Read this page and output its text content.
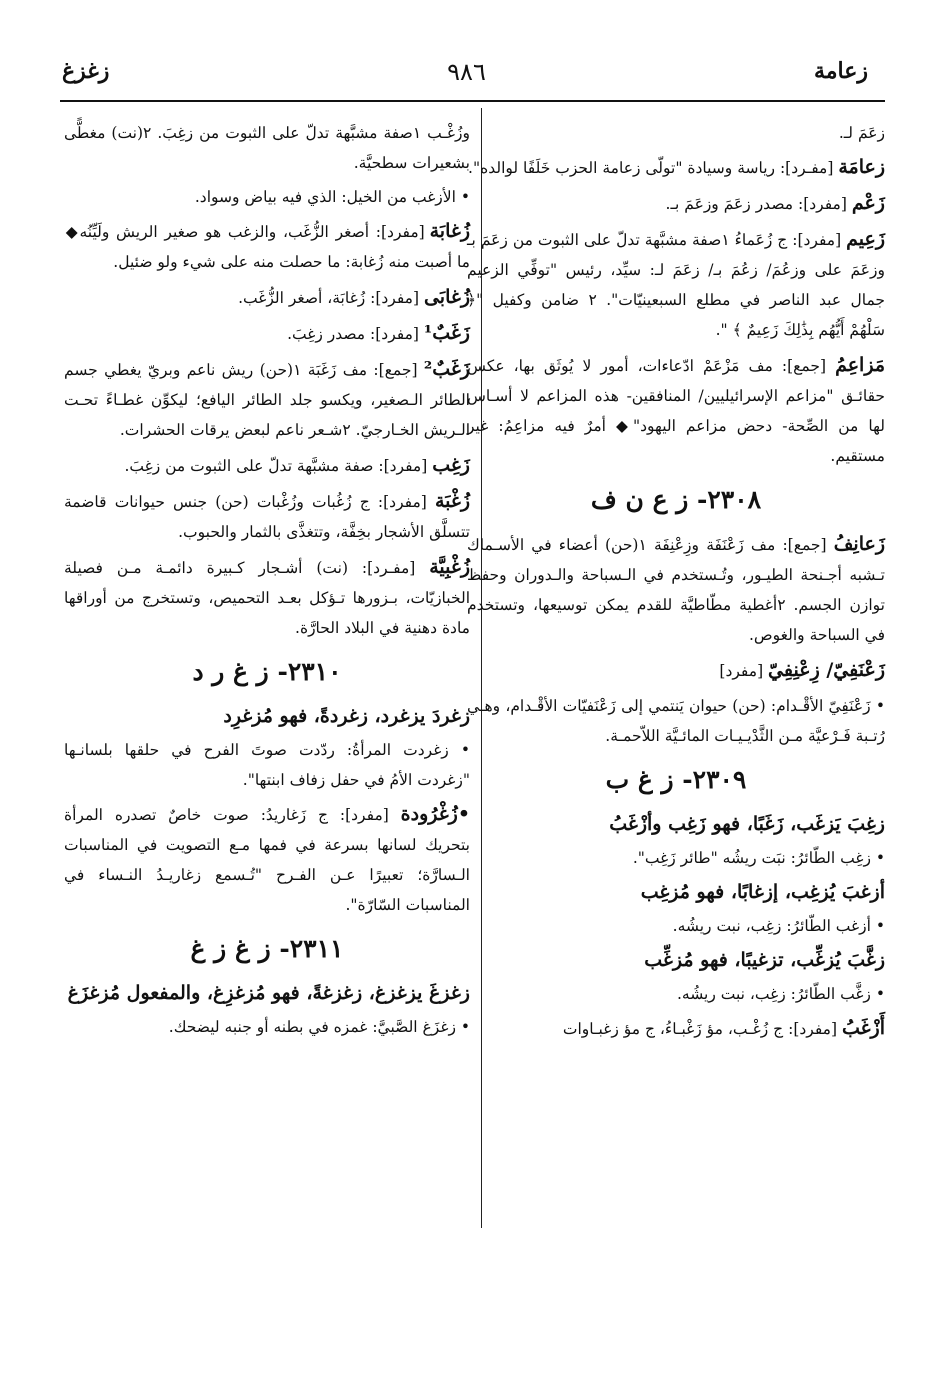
زعامة
٩٨٦
زغزغ
زعَمَ لـ.
زعامَة [مفـرد]: رياسة وسيادة "تولّى زعامة الحزب خَلَفًا لوالده".
زَعْم [مفرد]: مصدر زعَمَ وزعَمَ بـ.
زَعِيم [مفرد]: ج زُعَماءُ ١صفة مشبَّهة تدلّ على الثبوت من زعَمَ بـ وزعَمَ على وزعُمَ/ زعُمَ بـ/ زعَمَ لـ: سيِّد، رئيس "توفِّي الزعيم جمال عبد الناصر في مطلع السبعينيّات". ٢ ضامن وكفيل "﴿ سَلْهُمْ أَيُّهُم بِذَٰلِكَ زَعِيمٌ ﴾ ".
مَزاعِمُ [جمع]: مف مَزْعَمْ ادّعاءات، أمور لا يُوثَق بها، عكس حقائـق "مزاعم الإسرائيليين/ المنافقين- هذه المزاعم لا أسـاس لها من الصِّحة- دحض مزاعم اليهود"◆ أمرٌ فيه مزاعِمُ: غير مستقيم.
٢٣٠٨- ز ع ن ف
زَعانِفُ [جمع]: مف زَعْنَفَة وزِعْنِفَة ١(حن) أعضاء في الأسـماك تـشبه أجـنحة الطيـور، وتُـستخدم في الـسباحة والـدوران وحفظ توازن الجسم. ٢أغطية مطّاطيَّة للقدم يمكن توسيعها، وتستخدم في السباحة والغوص.
زَعْنَفِيّ/ زِعْنِفِيّ [مفرد]
• زَعْنَفِيّ الأقْـدام: (حن) حيوان يَنتمي إلى زَعْنَفيّات الأقْـدام، وهـي رُتـبة فَـرْعيَّة مـن الثَّدْيـيـات المائـيَّة اللاّحمـة.
٢٣٠٩- ز غ ب
زغِبَ يَزغَب، زَغَبًا، فهو زَغِب وأزْغَبُ
• زغِب الطّائرُ: نبَت ريشُه "طائر زَغِب".
أزغبَ يُزغِب، إزغابًا، فهو مُزغِب
• أزغب الطّائرُ: زغِب، نبت ريشُه.
زغَّبَ يُزغِّب، تزغيبًا، فهو مُزغِّب
• زغَّب الطّائرُ: زغِب، نبت ريشُه.
أَزْغَبُ [مفرد]: ج زُغْـب، مؤ زَغْبـاءُ، ج مؤ زغبـاوات
وزُغْـب ١صفة مشبَّهة تدلّ على الثبوت من زغِبَ. ٢(نت) مغطًّى بشعيرات سطحيَّة.
• الأزغب من الخيل: الذي فيه بياض وسواد.
زُغابَة [مفرد]: أصغر الزُّغَب، والزغب هو صغير الريش ولَيِّنُه◆ ما أصبت منه زُغابة: ما حصلت منه على شيء ولو ضئيل.
زُغابَى [مفرد]: زُغابَة، أصغر الزُّغَب.
زَغَبٌ¹ [مفرد]: مصدر زغِبَ.
زَغَبٌ² [جمع]: مف زَغَبَة ١(حن) ريش ناعم وبريّ يغطي جسم الطائر الـصغير، ويكسو جلد الطائر اليافع؛ ليكوِّن غطـاءً تحـت الـريش الخـارجيّ. ٢شـعر ناعم لبعض يرقات الحشرات.
زَغِب [مفرد]: صفة مشبَّهة تدلّ على الثبوت من زغِبَ.
زُغْبَة [مفرد]: ج زُغُبات وزُغْبات (حن) جنس حيوانات قاضمة تتسلَّق الأشجار بخِفَّة، وتتغذَّى بالثمار والحبوب.
زُغْبِيَّة [مفـرد]: (نت) أشـجار كـبيرة دائمـة مـن فصيلة الخبازيّات، بـزورها تـؤكل بعـد التحميص، وتستخرج من أوراقها مادة دهنية في البلاد الحارَّة.
٢٣١٠- ز غ ر د
زغردَ يزغرد، زغردةً، فهو مُزغرِد
• زغردت المرأةُ: ردّدت صوتَ الفرح في حلقها بلسانـها "زغردت الأمُ في حفل زفاف ابنتها".
•زُغْرُودة [مفرد]: ج زَغاريدُ: صوت خاصٌ تصدره المرأة بتحريك لسانها بسرعة في فمها مـع التصويت في المناسبات الـسارَّة؛ تعبيرًا عـن الفـرح "تُـسمع زغاريـدُ النـساء في المناسبات السّارّة".
٢٣١١- ز غ ز غ
زغزغَ يزغزغ، زغزغةً، فهو مُزغزِغ، والمفعول مُزغزَغ
• زغزَغ الصَّبيَّ: غمزه في بطنه أو جنبه ليضحك.
